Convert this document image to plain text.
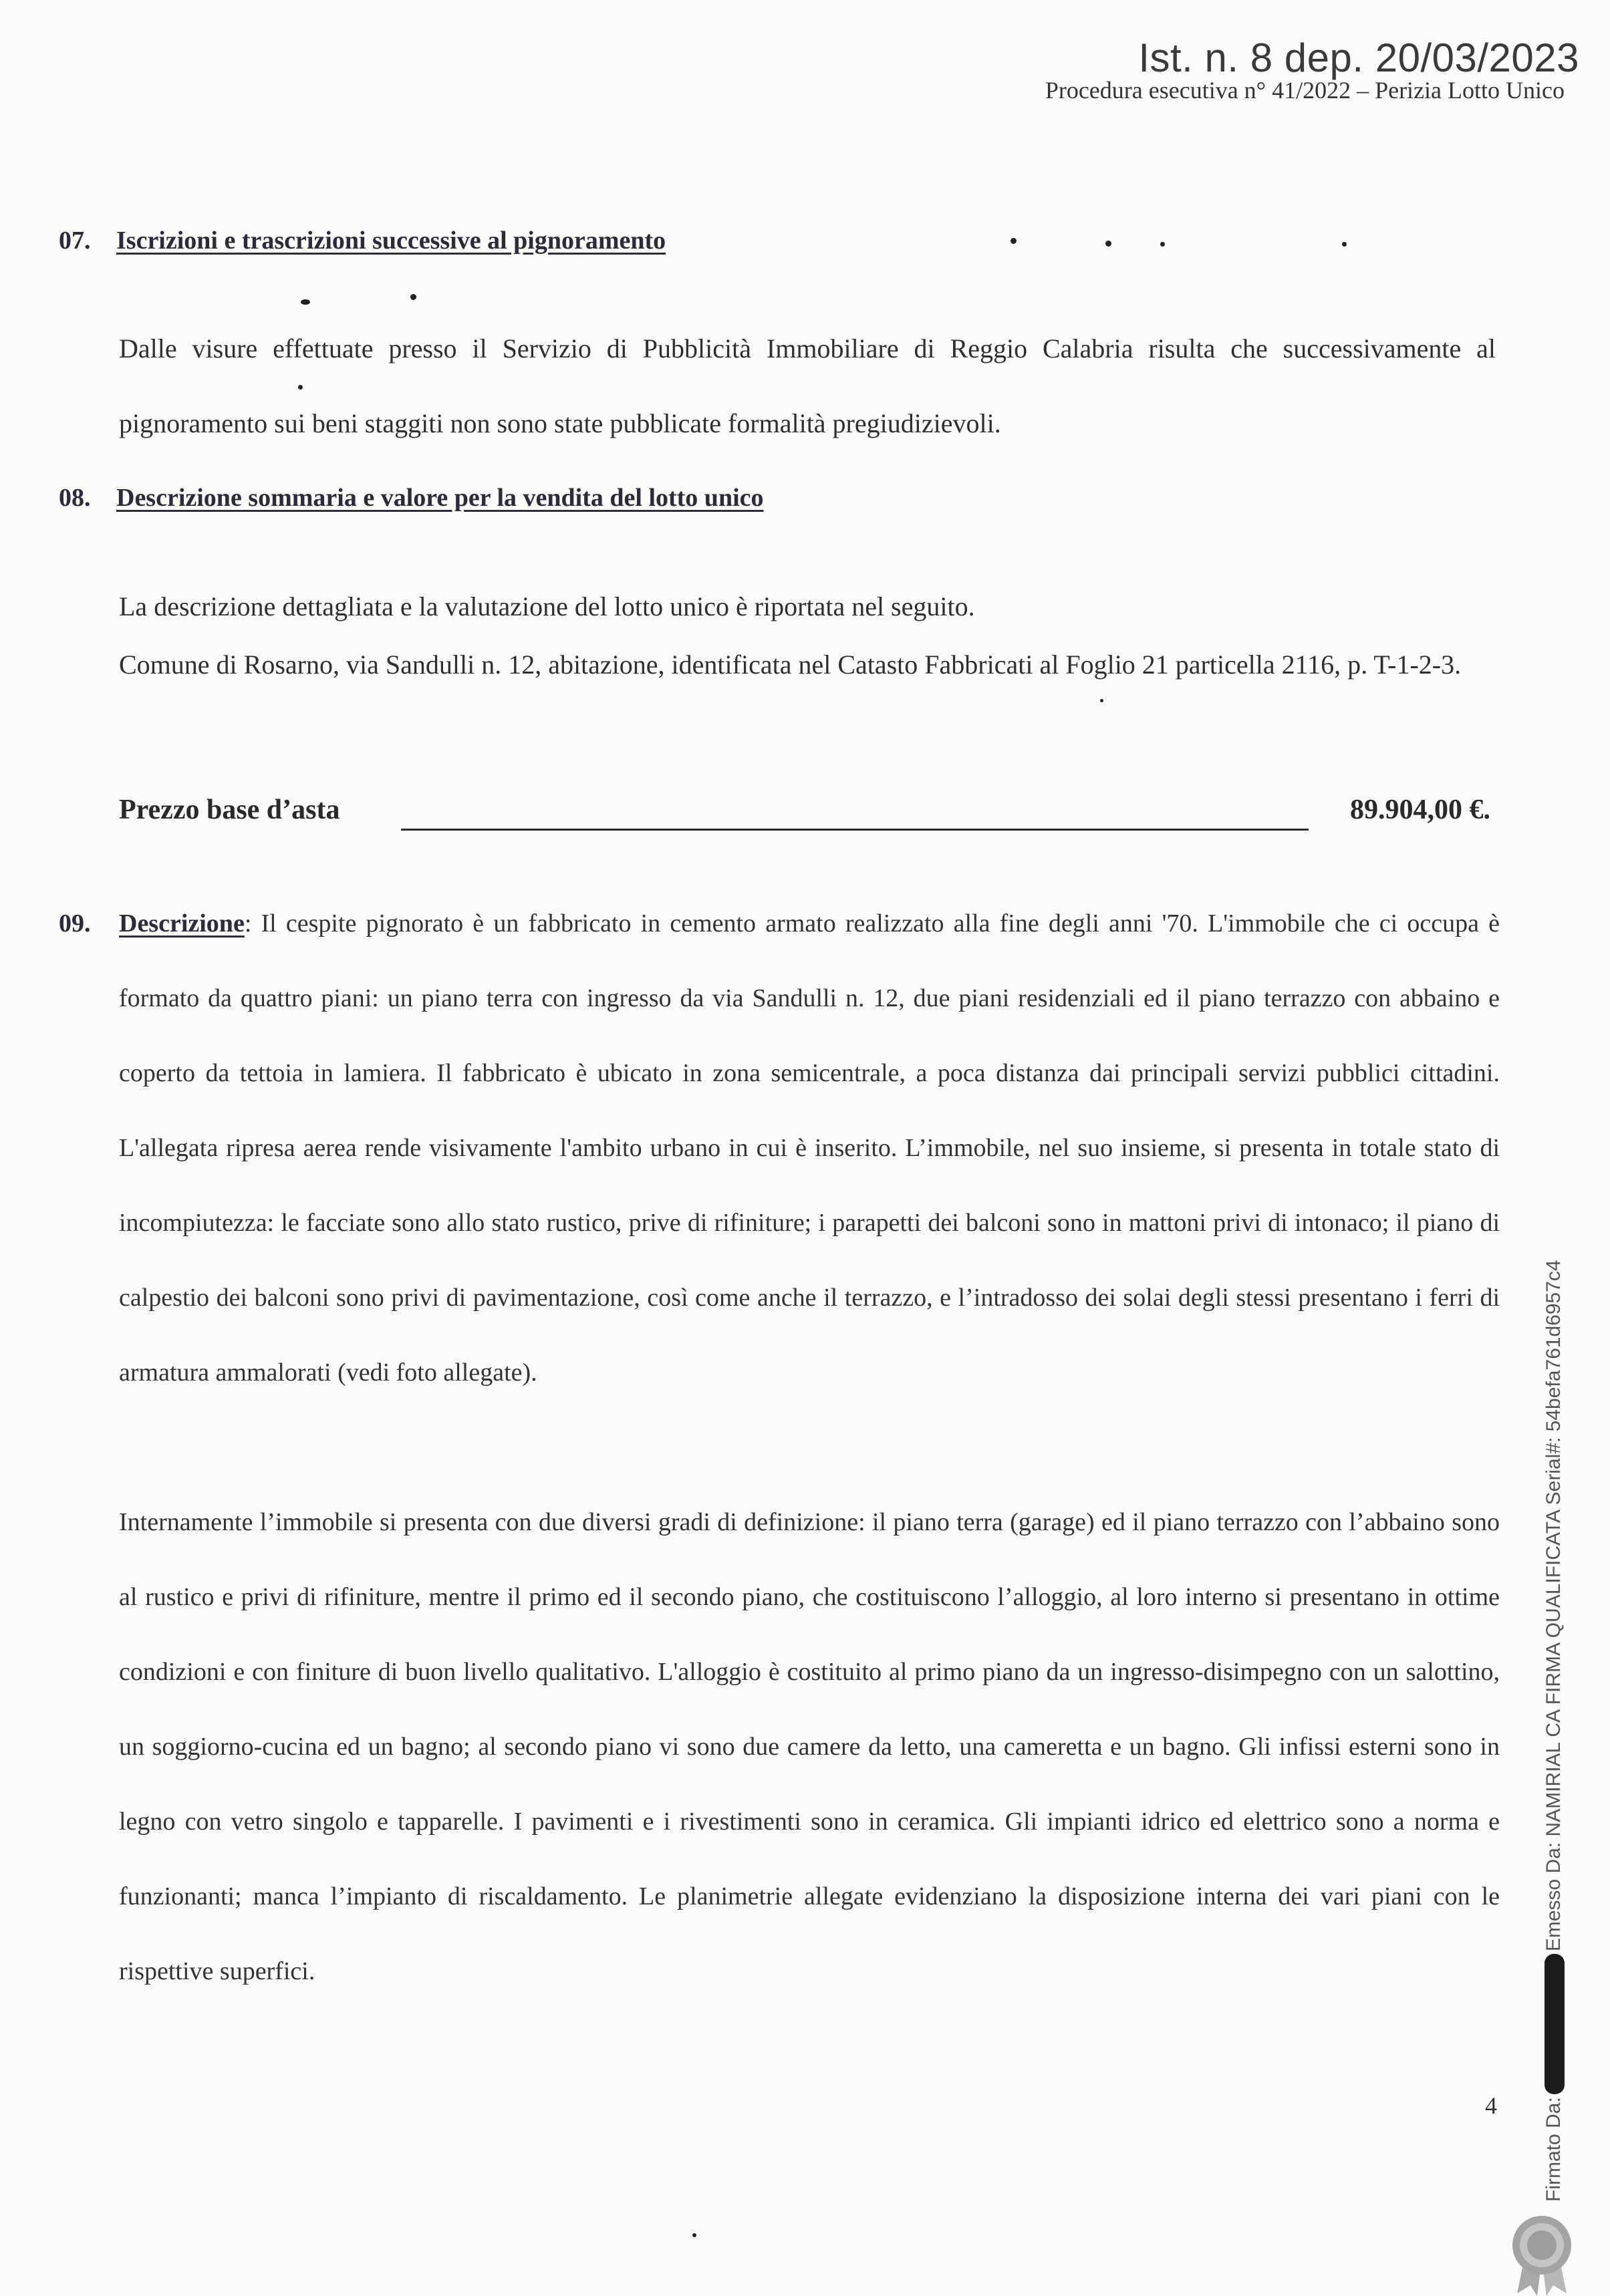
Ist. n. 8 dep. 20/03/2023
Procedura esecutiva n° 41/2022 – Perizia Lotto Unico
07. Iscrizioni e trascrizioni successive al pignoramento
Dalle visure effettuate presso il Servizio di Pubblicità Immobiliare di Reggio Calabria risulta che successivamente al pignoramento sui beni staggiti non sono state pubblicate formalità pregiudizievoli.
08. Descrizione sommaria e valore per la vendita del lotto unico
La descrizione dettagliata e la valutazione del lotto unico è riportata nel seguito.
Comune di Rosarno, via Sandulli n. 12, abitazione, identificata nel Catasto Fabbricati al Foglio 21 particella 2116, p. T-1-2-3.
Prezzo base d’asta	89.904,00 €.
09. Descrizione: Il cespite pignorato è un fabbricato in cemento armato realizzato alla fine degli anni '70. L'immobile che ci occupa è formato da quattro piani: un piano terra con ingresso da via Sandulli n. 12, due piani residenziali ed il piano terrazzo con abbaino e coperto da tettoia in lamiera. Il fabbricato è ubicato in zona semicentrale, a poca distanza dai principali servizi pubblici cittadini. L'allegata ripresa aerea rende visivamente l'ambito urbano in cui è inserito. L’immobile, nel suo insieme, si presenta in totale stato di incompiutezza: le facciate sono allo stato rustico, prive di rifiniture; i parapetti dei balconi sono in mattoni privi di intonaco; il piano di calpestio dei balconi sono privi di pavimentazione, così come anche il terrazzo, e l’intradosso dei solai degli stessi presentano i ferri di armatura ammalorati (vedi foto allegate).
Internamente l’immobile si presenta con due diversi gradi di definizione: il piano terra (garage) ed il piano terrazzo con l’abbaino sono al rustico e privi di rifiniture, mentre il primo ed il secondo piano, che costituiscono l’alloggio, al loro interno si presentano in ottime condizioni e con finiture di buon livello qualitativo. L'alloggio è costituito al primo piano da un ingresso-disimpegno con un salottino, un soggiorno-cucina ed un bagno; al secondo piano vi sono due camere da letto, una cameretta e un bagno. Gli infissi esterni sono in legno con vetro singolo e tapparelle. I pavimenti e i rivestimenti sono in ceramica. Gli impianti idrico ed elettrico sono a norma e funzionanti; manca l’impianto di riscaldamento. Le planimetrie allegate evidenziano la disposizione interna dei vari piani con le rispettive superfici.
4 Firmato Da:Emesso Da: NAMIRIAL CA FIRMA QUALIFICATA Serial#: 54befa761d6957c4
